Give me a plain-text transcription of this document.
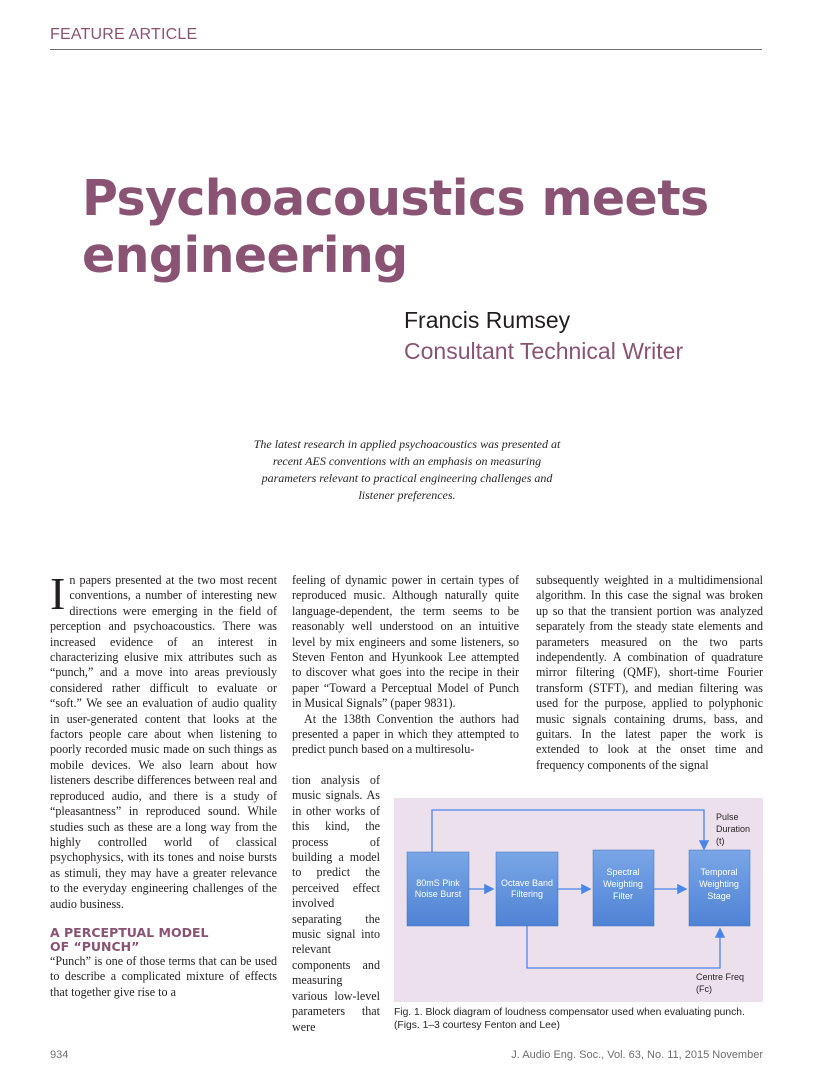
FEATURE ARTICLE
Psychoacoustics meets engineering
Francis Rumsey
Consultant Technical Writer
The latest research in applied psychoacoustics was presented at recent AES conventions with an emphasis on measuring parameters relevant to practical engineering challenges and listener preferences.

In papers presented at the two most recent conventions, a number of interesting new directions were emerging in the field of perception and psychoacoustics. There was increased evidence of an interest in characterizing elusive mix attributes such as “punch,” and a move into areas previously considered rather difficult to evaluate or “soft.” We see an evaluation of audio quality in user-generated content that looks at the factors people care about when listening to poorly recorded music made on such things as mobile devices. We also learn about how listeners describe differences between real and reproduced audio, and there is a study of “pleasantness” in reproduced sound. While studies such as these are a long way from the highly controlled world of classical psychophysics, with its tones and noise bursts as stimuli, they may have a greater relevance to the everyday engineering challenges of the audio business.

A PERCEPTUAL MODEL
OF “PUNCH”

“Punch” is one of those terms that can be used to describe a complicated mixture of effects that together give rise to a

feeling of dynamic power in certain types of reproduced music. Although naturally quite language-dependent, the term seems to be reasonably well understood on an intuitive level by mix engineers and some listeners, so Steven Fenton and Hyunkook Lee attempted to discover what goes into the recipe in their paper “Toward a Perceptual Model of Punch in Musical Signals” (paper 9831).

At the 138th Convention the authors had presented a paper in which they attempted to predict punch based on a multiresolu-

tion analysis of music signals. As in other works of this kind, the process of building a model to predict the perceived effect involved separating the music signal into relevant components and measuring various low-level parameters that were

subsequently weighted in a multidimensional algorithm. In this case the signal was broken up so that the transient portion was analyzed separately from the steady state elements and parameters measured on the two parts independently. A combination of quadrature mirror filtering (QMF), short-time Fourier transform (STFT), and median filtering was used for the purpose, applied to polyphonic music signals containing drums, bass, and guitars. In the latest paper the work is extended to look at the onset time and frequency components of the signal

80mS Pink
Noise Burst
Octave Band
Filtering
Spectral
Weighting
Filter
Temporal
Weighting
Stage
Pulse
Duration
(t)
Centre Freq
(Fc)
Fig. 1. Block diagram of loudness compensator used when evaluating punch. (Figs. 1–3 courtesy Fenton and Lee)
934	J. Audio Eng. Soc., Vol. 63, No. 11, 2015 November
